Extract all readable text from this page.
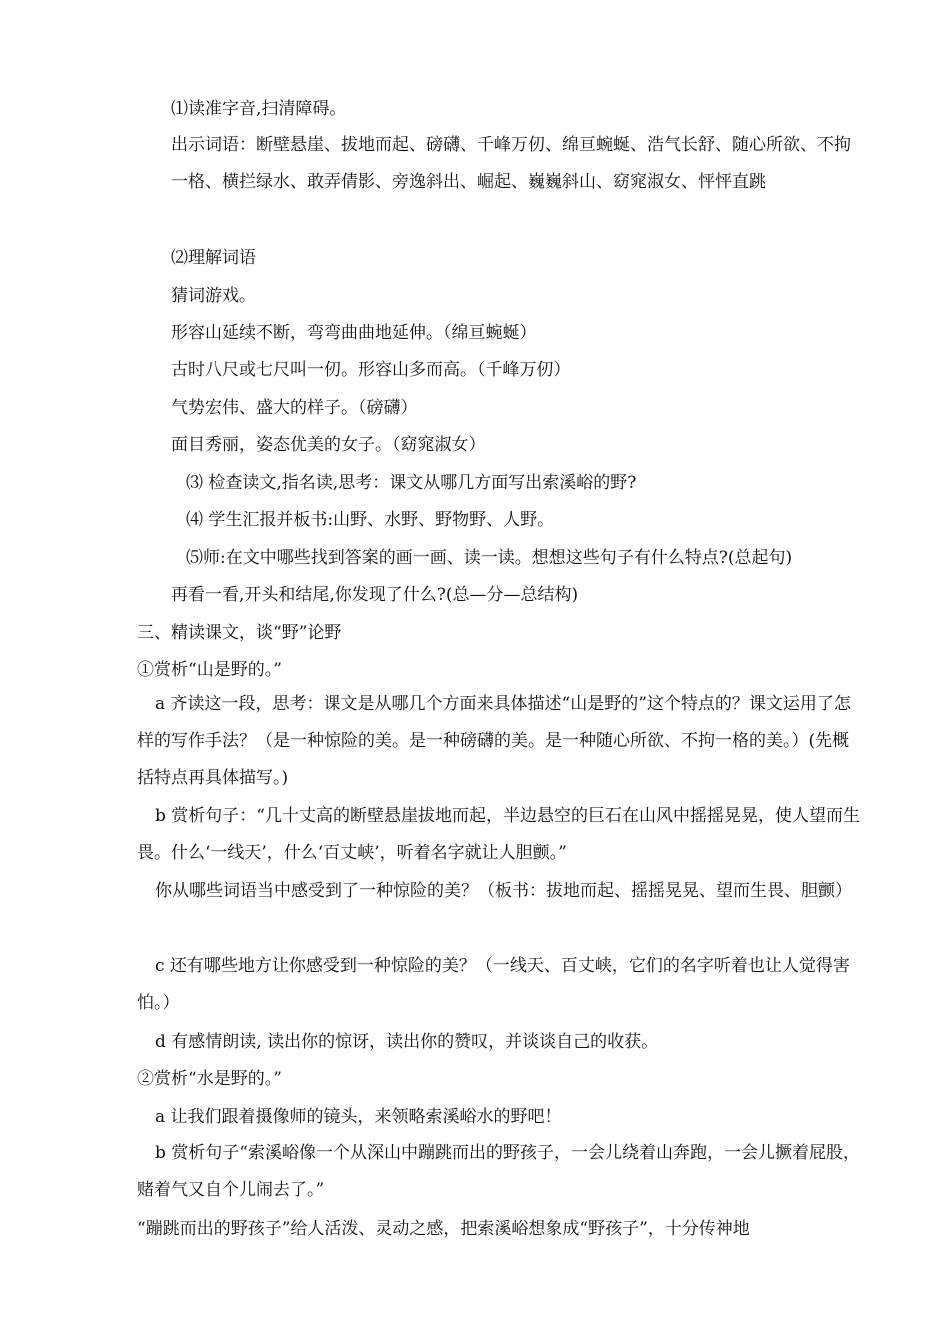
⑴读准字音,扫清障碍。
出示词语：断壁悬崖、拔地而起、磅礴、千峰万仞、绵亘蜿蜒、浩气长舒、随心所欲、不拘一格、横拦绿水、敢弄倩影、旁逸斜出、崛起、巍巍斜山、窈窕淑女、怦怦直跳
⑵理解词语
猜词游戏。
形容山延续不断，弯弯曲曲地延伸。（绵亘蜿蜒）
古时八尺或七尺叫一仞。形容山多而高。（千峰万仞）
气势宏伟、盛大的样子。（磅礴）
面目秀丽，姿态优美的女子。（窈窕淑女）
⑶ 检查读文,指名读,思考：课文从哪几方面写出索溪峪的野?
⑷ 学生汇报并板书:山野、水野、野物野、人野。
⑸师:在文中哪些找到答案的画一画、读一读。想想这些句子有什么特点?(总起句)
再看一看,开头和结尾,你发现了什么?(总—分—总结构)
三、精读课文，谈“野”论野
①赏析“山是野的。”
a 齐读这一段，思考：课文是从哪几个方面来具体描述“山是野的”这个特点的？课文运用了怎样的写作手法？（是一种惊险的美。是一种磅礴的美。是一种随心所欲、不拘一格的美。）(先概括特点再具体描写。)
b 赏析句子：“几十丈高的断壁悬崖拔地而起，半边悬空的巨石在山风中摇摇晃晃，使人望而生畏。什么‘一线天’，什么‘百丈峡’，听着名字就让人胆颤。”
你从哪些词语当中感受到了一种惊险的美？（板书：拔地而起、摇摇晃晃、望而生畏、胆颤）
c 还有哪些地方让你感受到一种惊险的美？（一线天、百丈峡，它们的名字听着也让人觉得害怕。）
d 有感情朗读, 读出你的惊讶，读出你的赞叹，并谈谈自己的收获。
②赏析“水是野的。”
a 让我们跟着摄像师的镜头，来领略索溪峪水的野吧！
b 赏析句子“索溪峪像一个从深山中蹦跳而出的野孩子，一会儿绕着山奔跑，一会儿撅着屁股，赌着气又自个儿闹去了。”
“蹦跳而出的野孩子”给人活泼、灵动之感，把索溪峪想象成“野孩子”，十分传神地
